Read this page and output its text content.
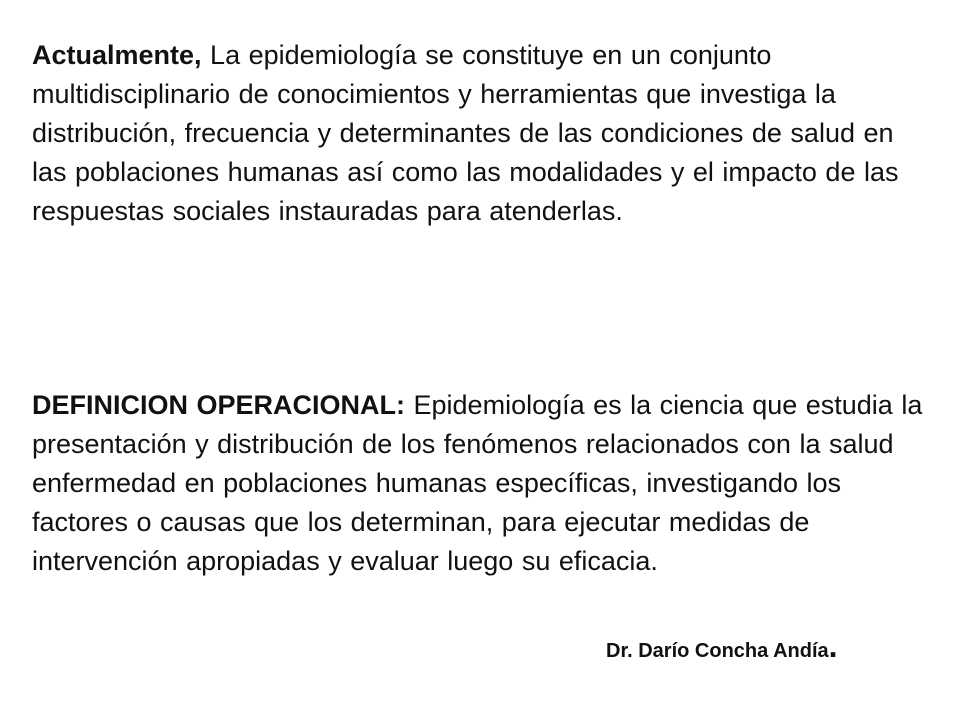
Actualmente, La epidemiología se constituye en un conjunto multidisciplinario de conocimientos y herramientas que investiga la distribución, frecuencia y determinantes de las condiciones de salud en las poblaciones humanas así como las modalidades y el impacto de las respuestas sociales instauradas para atenderlas.

DEFINICION OPERACIONAL: Epidemiología es la ciencia que estudia la presentación y distribución de los fenómenos relacionados con la salud enfermedad en poblaciones humanas específicas, investigando los factores o causas que los determinan, para ejecutar medidas de intervención apropiadas y evaluar luego su eficacia.

Dr. Darío Concha Andía.
